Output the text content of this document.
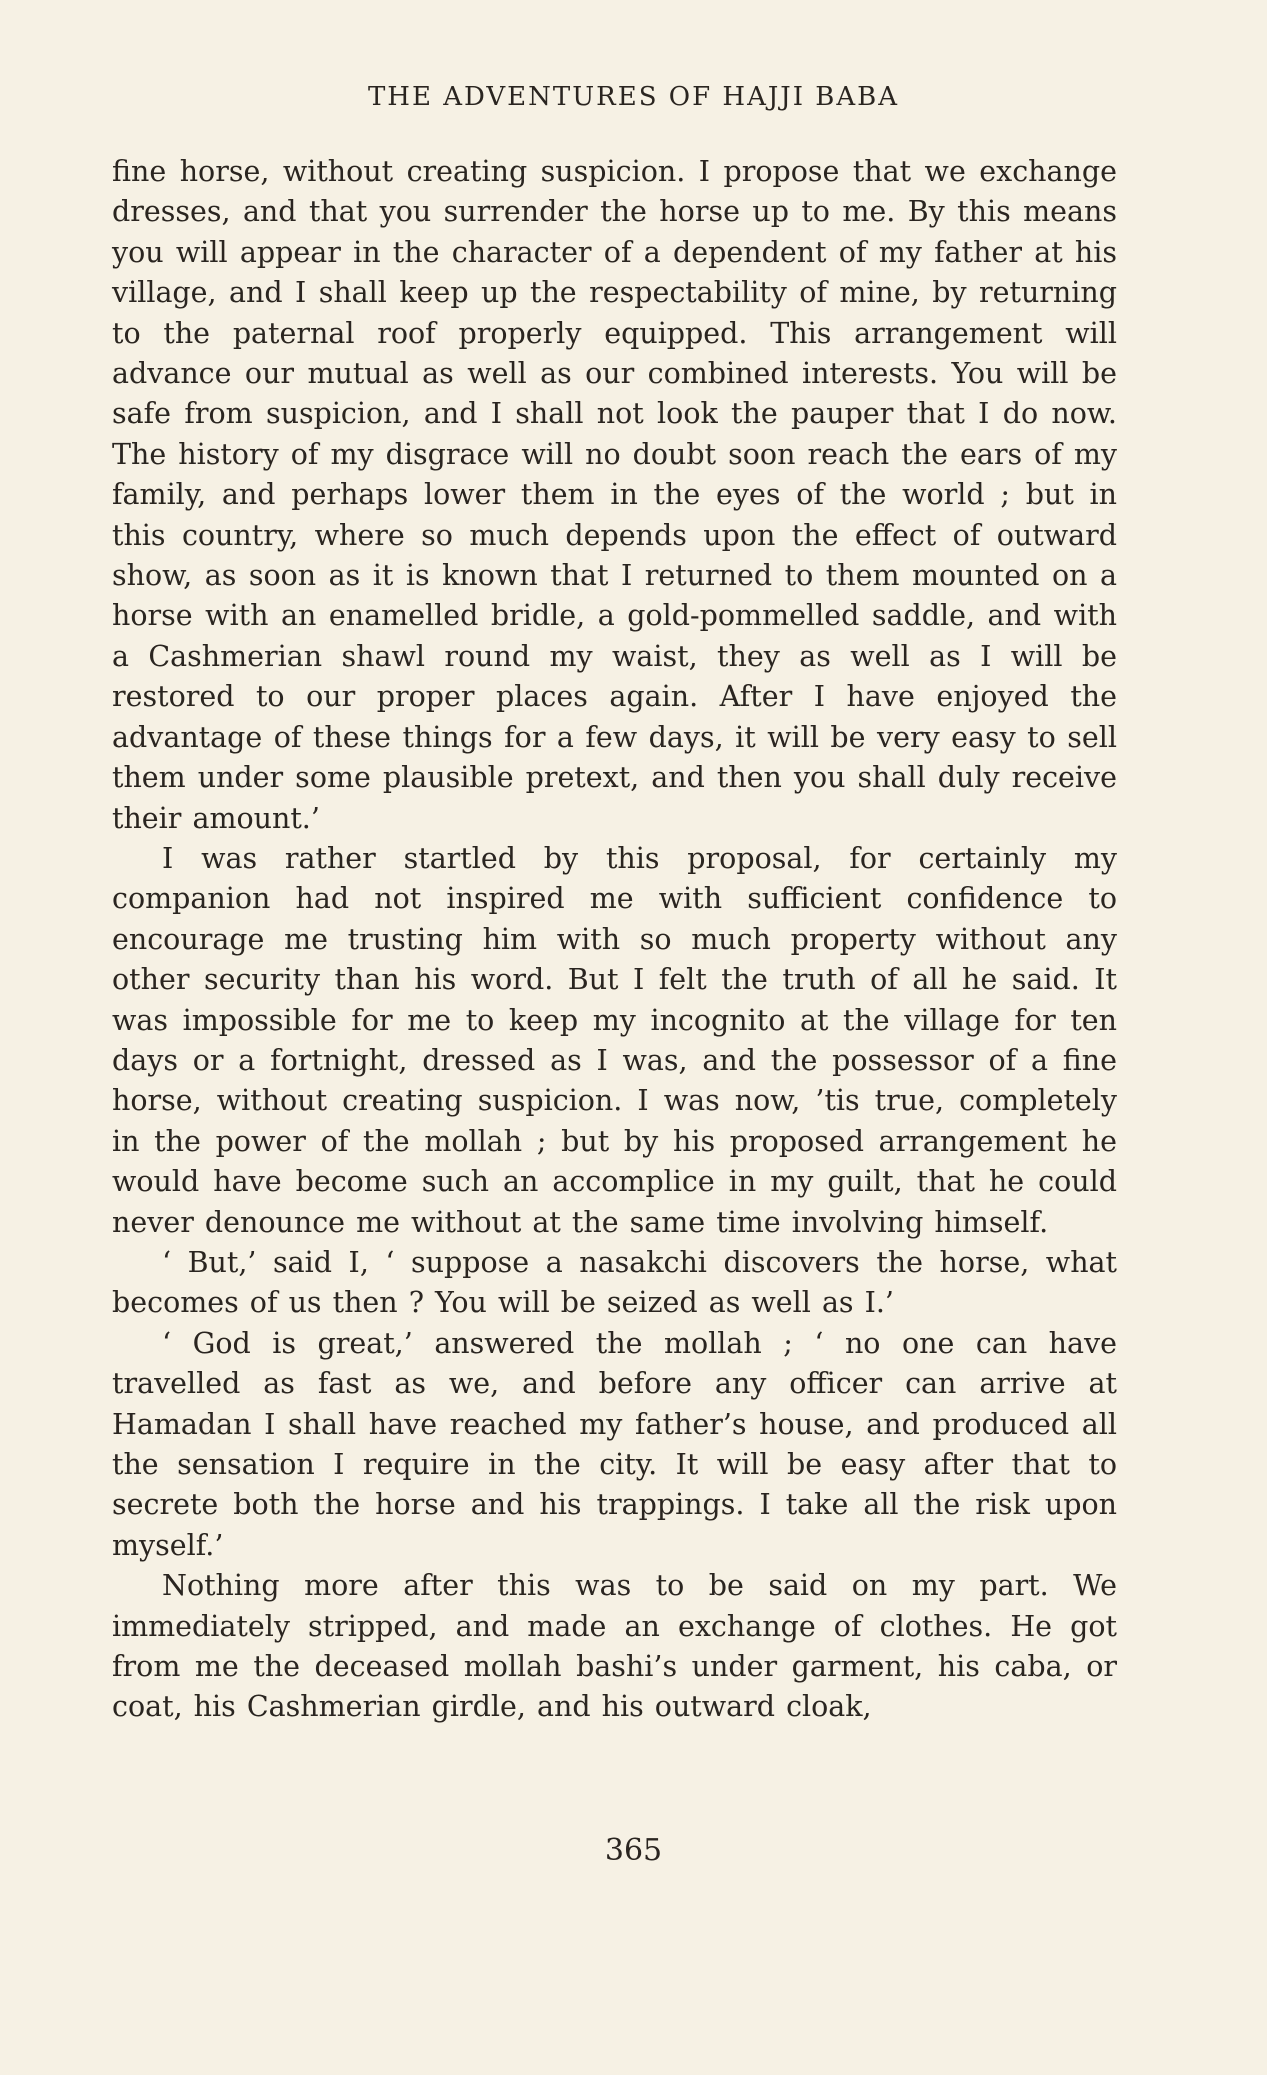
THE ADVENTURES OF HAJJI BABA

fine horse, without creating suspicion. I propose that we exchange dresses, and that you surrender the horse up to me. By this means you will appear in the character of a dependent of my father at his village, and I shall keep up the respectability of mine, by returning to the paternal roof properly equipped. This arrangement will advance our mutual as well as our combined interests. You will be safe from suspicion, and I shall not look the pauper that I do now. The history of my disgrace will no doubt soon reach the ears of my family, and perhaps lower them in the eyes of the world ; but in this country, where so much depends upon the effect of outward show, as soon as it is known that I returned to them mounted on a horse with an enamelled bridle, a gold-pommelled saddle, and with a Cashmerian shawl round my waist, they as well as I will be restored to our proper places again. After I have enjoyed the advantage of these things for a few days, it will be very easy to sell them under some plausible pretext, and then you shall duly receive their amount.’

I was rather startled by this proposal, for certainly my companion had not inspired me with sufficient confidence to encourage me trusting him with so much property without any other security than his word. But I felt the truth of all he said. It was impossible for me to keep my incognito at the village for ten days or a fortnight, dressed as I was, and the possessor of a fine horse, without creating suspicion. I was now, ’tis true, completely in the power of the mollah ; but by his proposed arrangement he would have become such an accomplice in my guilt, that he could never denounce me without at the same time involving himself.

‘ But,’ said I, ‘ suppose a nasakchi discovers the horse, what becomes of us then ? You will be seized as well as I.’

‘ God is great,’ answered the mollah ; ‘ no one can have travelled as fast as we, and before any officer can arrive at Hamadan I shall have reached my father’s house, and produced all the sensation I require in the city. It will be easy after that to secrete both the horse and his trappings. I take all the risk upon myself.’

Nothing more after this was to be said on my part. We immediately stripped, and made an exchange of clothes. He got from me the deceased mollah bashi’s under garment, his caba, or coat, his Cashmerian girdle, and his outward cloak,

365
